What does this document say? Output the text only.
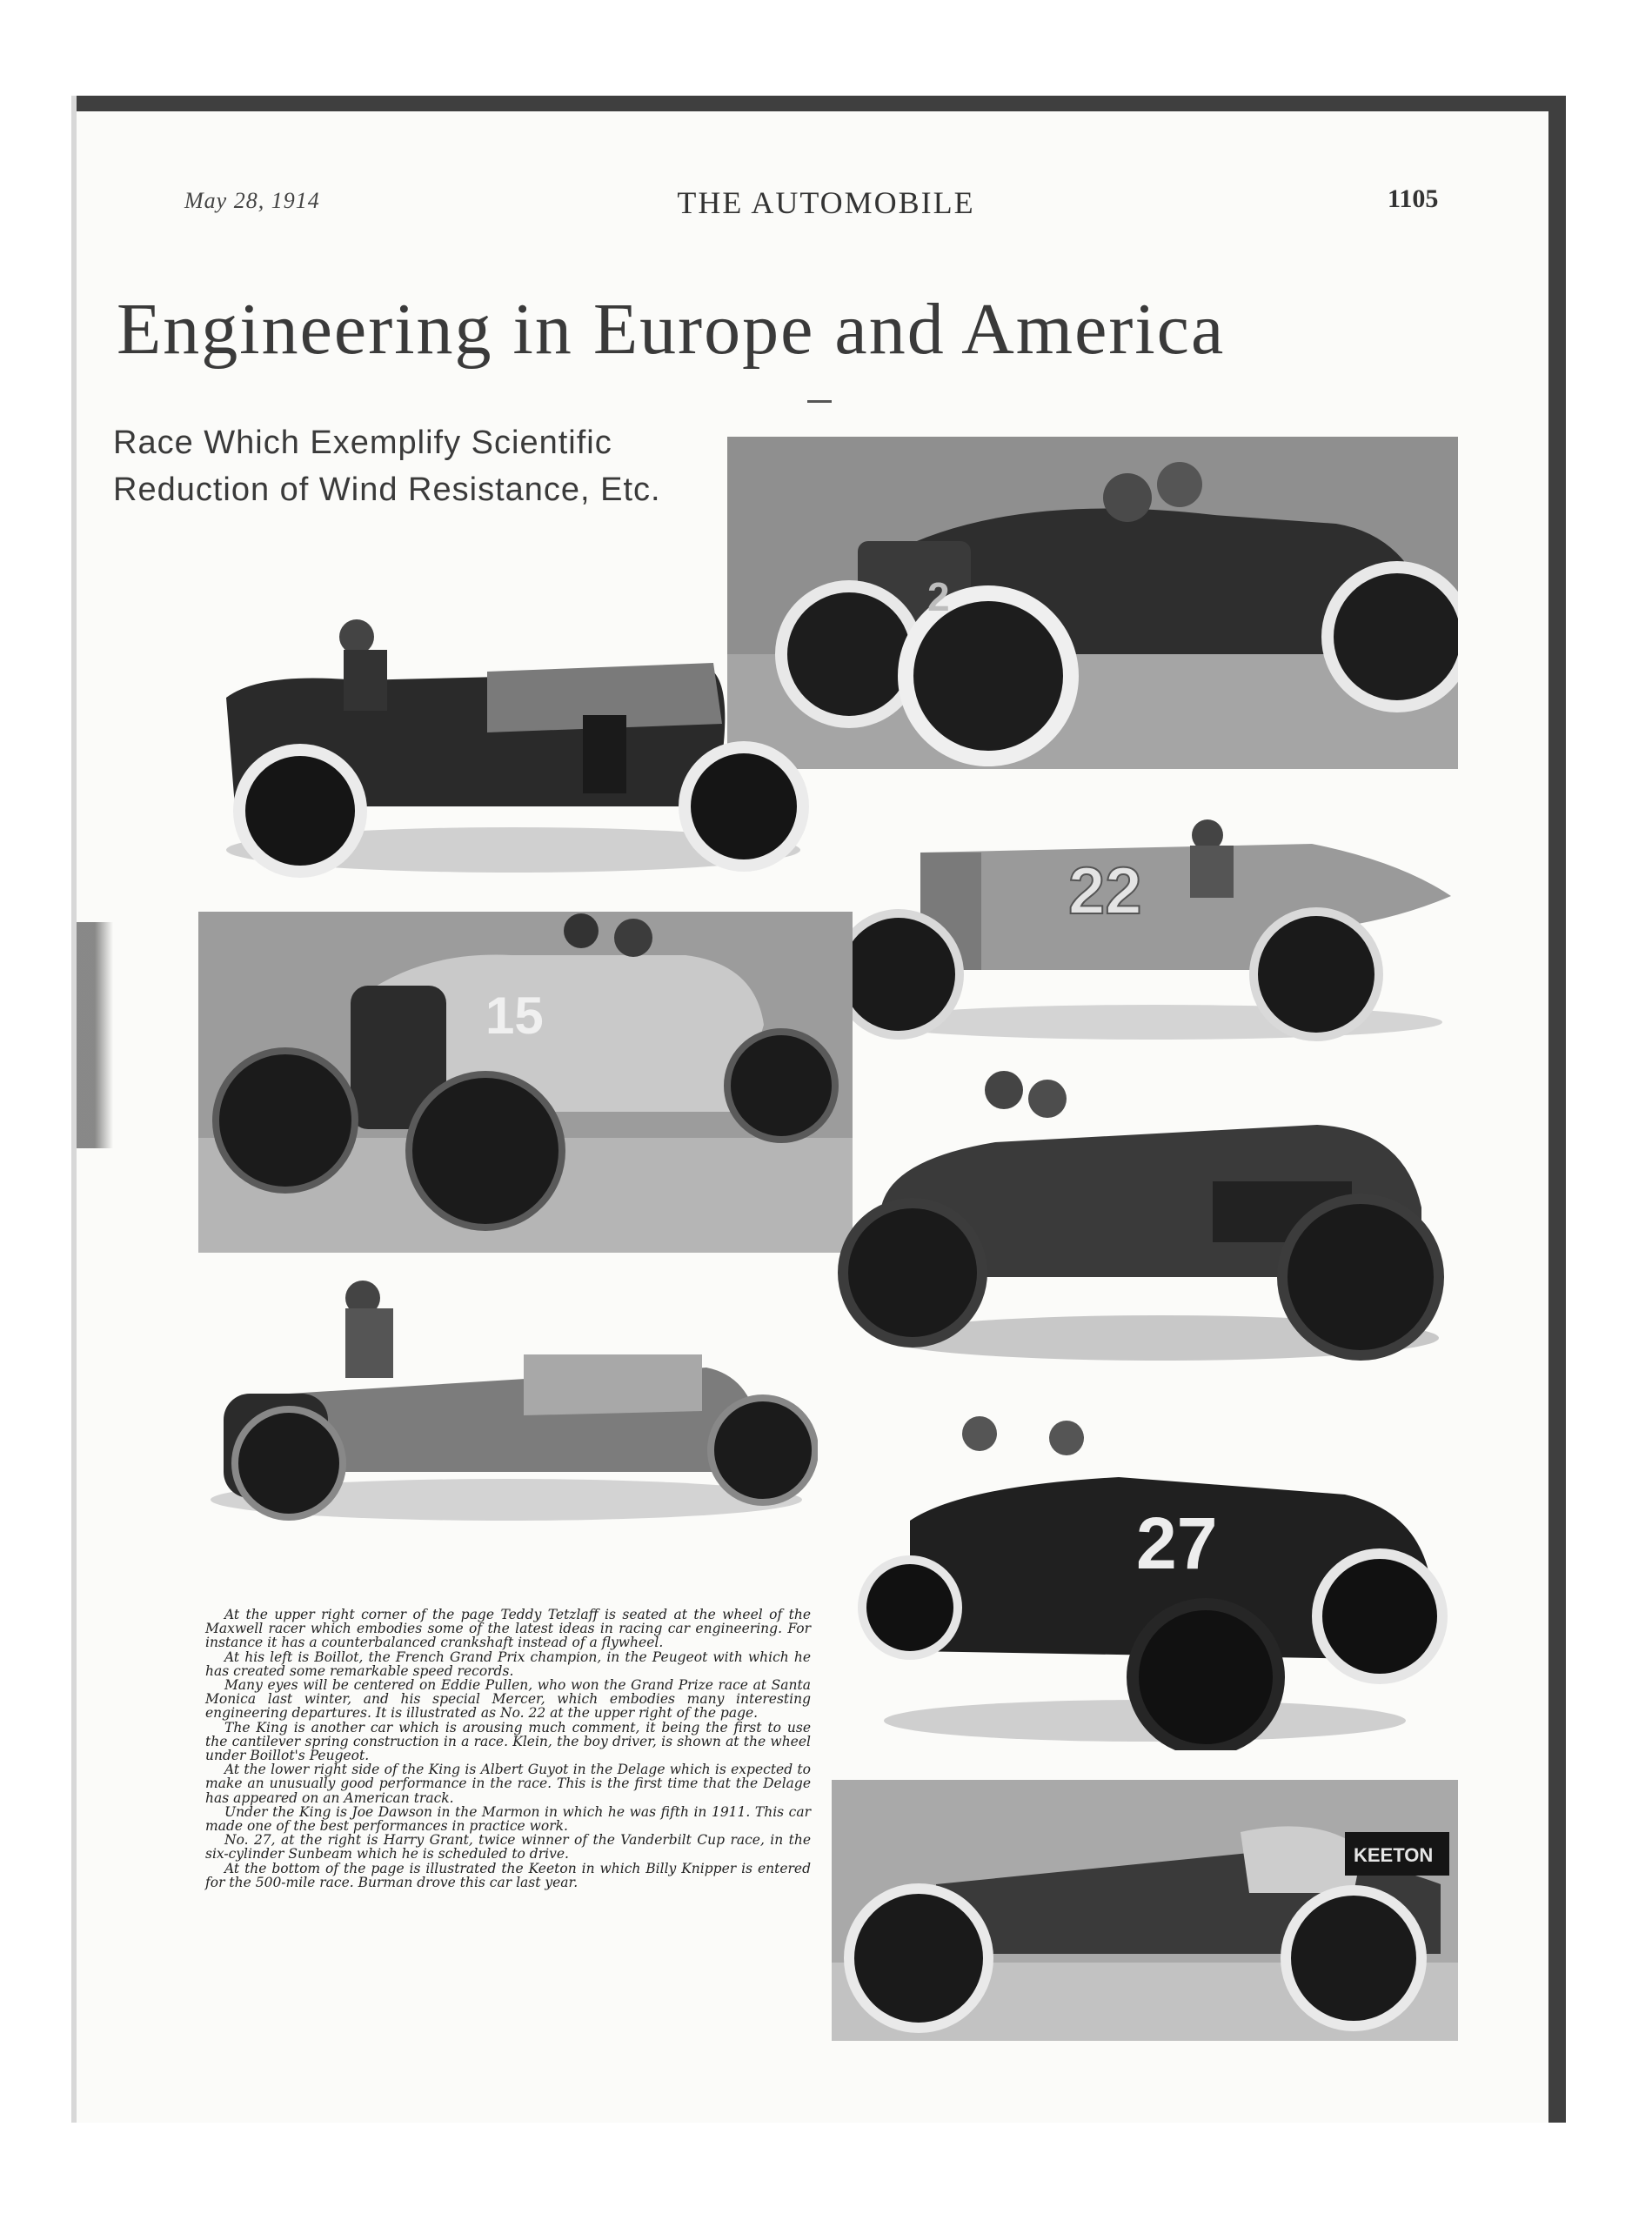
May 28, 1914	THE AUTOMOBILE	1105
Engineering in Europe and America
Race Which Exemplify Scientific
Reduction of Wind Resistance, Etc.
2
22
15
27
KEETON

At the upper right corner of the page Teddy Tetzlaff is seated at the wheel of the Maxwell racer which embodies some of the latest ideas in racing car engineering. For instance it has a counterbalanced crankshaft instead of a flywheel.

At his left is Boillot, the French Grand Prix champion, in the Peugeot with which he has created some remarkable speed records.

Many eyes will be centered on Eddie Pullen, who won the Grand Prize race at Santa Monica last winter, and his special Mercer, which embodies many interesting engineering departures. It is illustrated as No. 22 at the upper right of the page.

The King is another car which is arousing much comment, it being the first to use the cantilever spring construction in a race. Klein, the boy driver, is shown at the wheel under Boillot's Peugeot.

At the lower right side of the King is Albert Guyot in the Delage which is expected to make an unusually good performance in the race. This is the first time that the Delage has appeared on an American track.

Under the King is Joe Dawson in the Marmon in which he was fifth in 1911. This car made one of the best performances in practice work.

No. 27, at the right is Harry Grant, twice winner of the Vanderbilt Cup race, in the six-cylinder Sunbeam which he is scheduled to drive.

At the bottom of the page is illustrated the Keeton in which Billy Knipper is entered for the 500-mile race. Burman drove this car last year.
